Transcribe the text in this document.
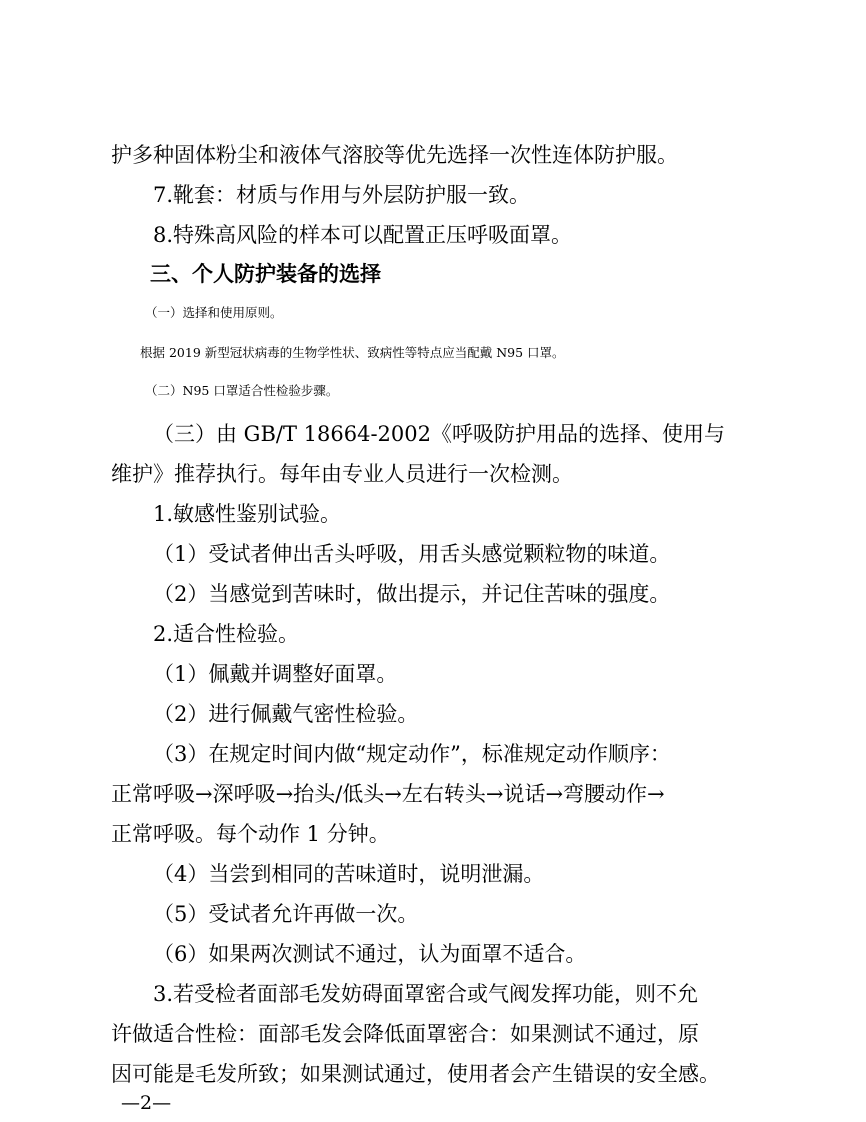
护多种固体粉尘和液体气溶胶等优先选择一次性连体防护服。
7.靴套：材质与作用与外层防护服一致。
8.特殊高风险的样本可以配置正压呼吸面罩。
三、个人防护装备的选择
（一）选择和使用原则。
根据 2019 新型冠状病毒的生物学性状、致病性等特点应当配戴 N95 口罩。
（二）N95 口罩适合性检验步骤。
（三）由 GB/T 18664-2002《呼吸防护用品的选择、使用与
维护》推荐执行。每年由专业人员进行一次检测。
1.敏感性鉴别试验。
（1）受试者伸出舌头呼吸，用舌头感觉颗粒物的味道。
（2）当感觉到苦味时，做出提示，并记住苦味的强度。
2.适合性检验。
（1）佩戴并调整好面罩。
（2）进行佩戴气密性检验。
（3）在规定时间内做“规定动作”，标准规定动作顺序：
正常呼吸→深呼吸→抬头/低头→左右转头→说话→弯腰动作→
正常呼吸。每个动作 1 分钟。
（4）当尝到相同的苦味道时，说明泄漏。
（5）受试者允许再做一次。
（6）如果两次测试不通过，认为面罩不适合。
3.若受检者面部毛发妨碍面罩密合或气阀发挥功能，则不允
许做适合性检：面部毛发会降低面罩密合：如果测试不通过，原
因可能是毛发所致；如果测试通过，使用者会产生错误的安全感。
—2—
